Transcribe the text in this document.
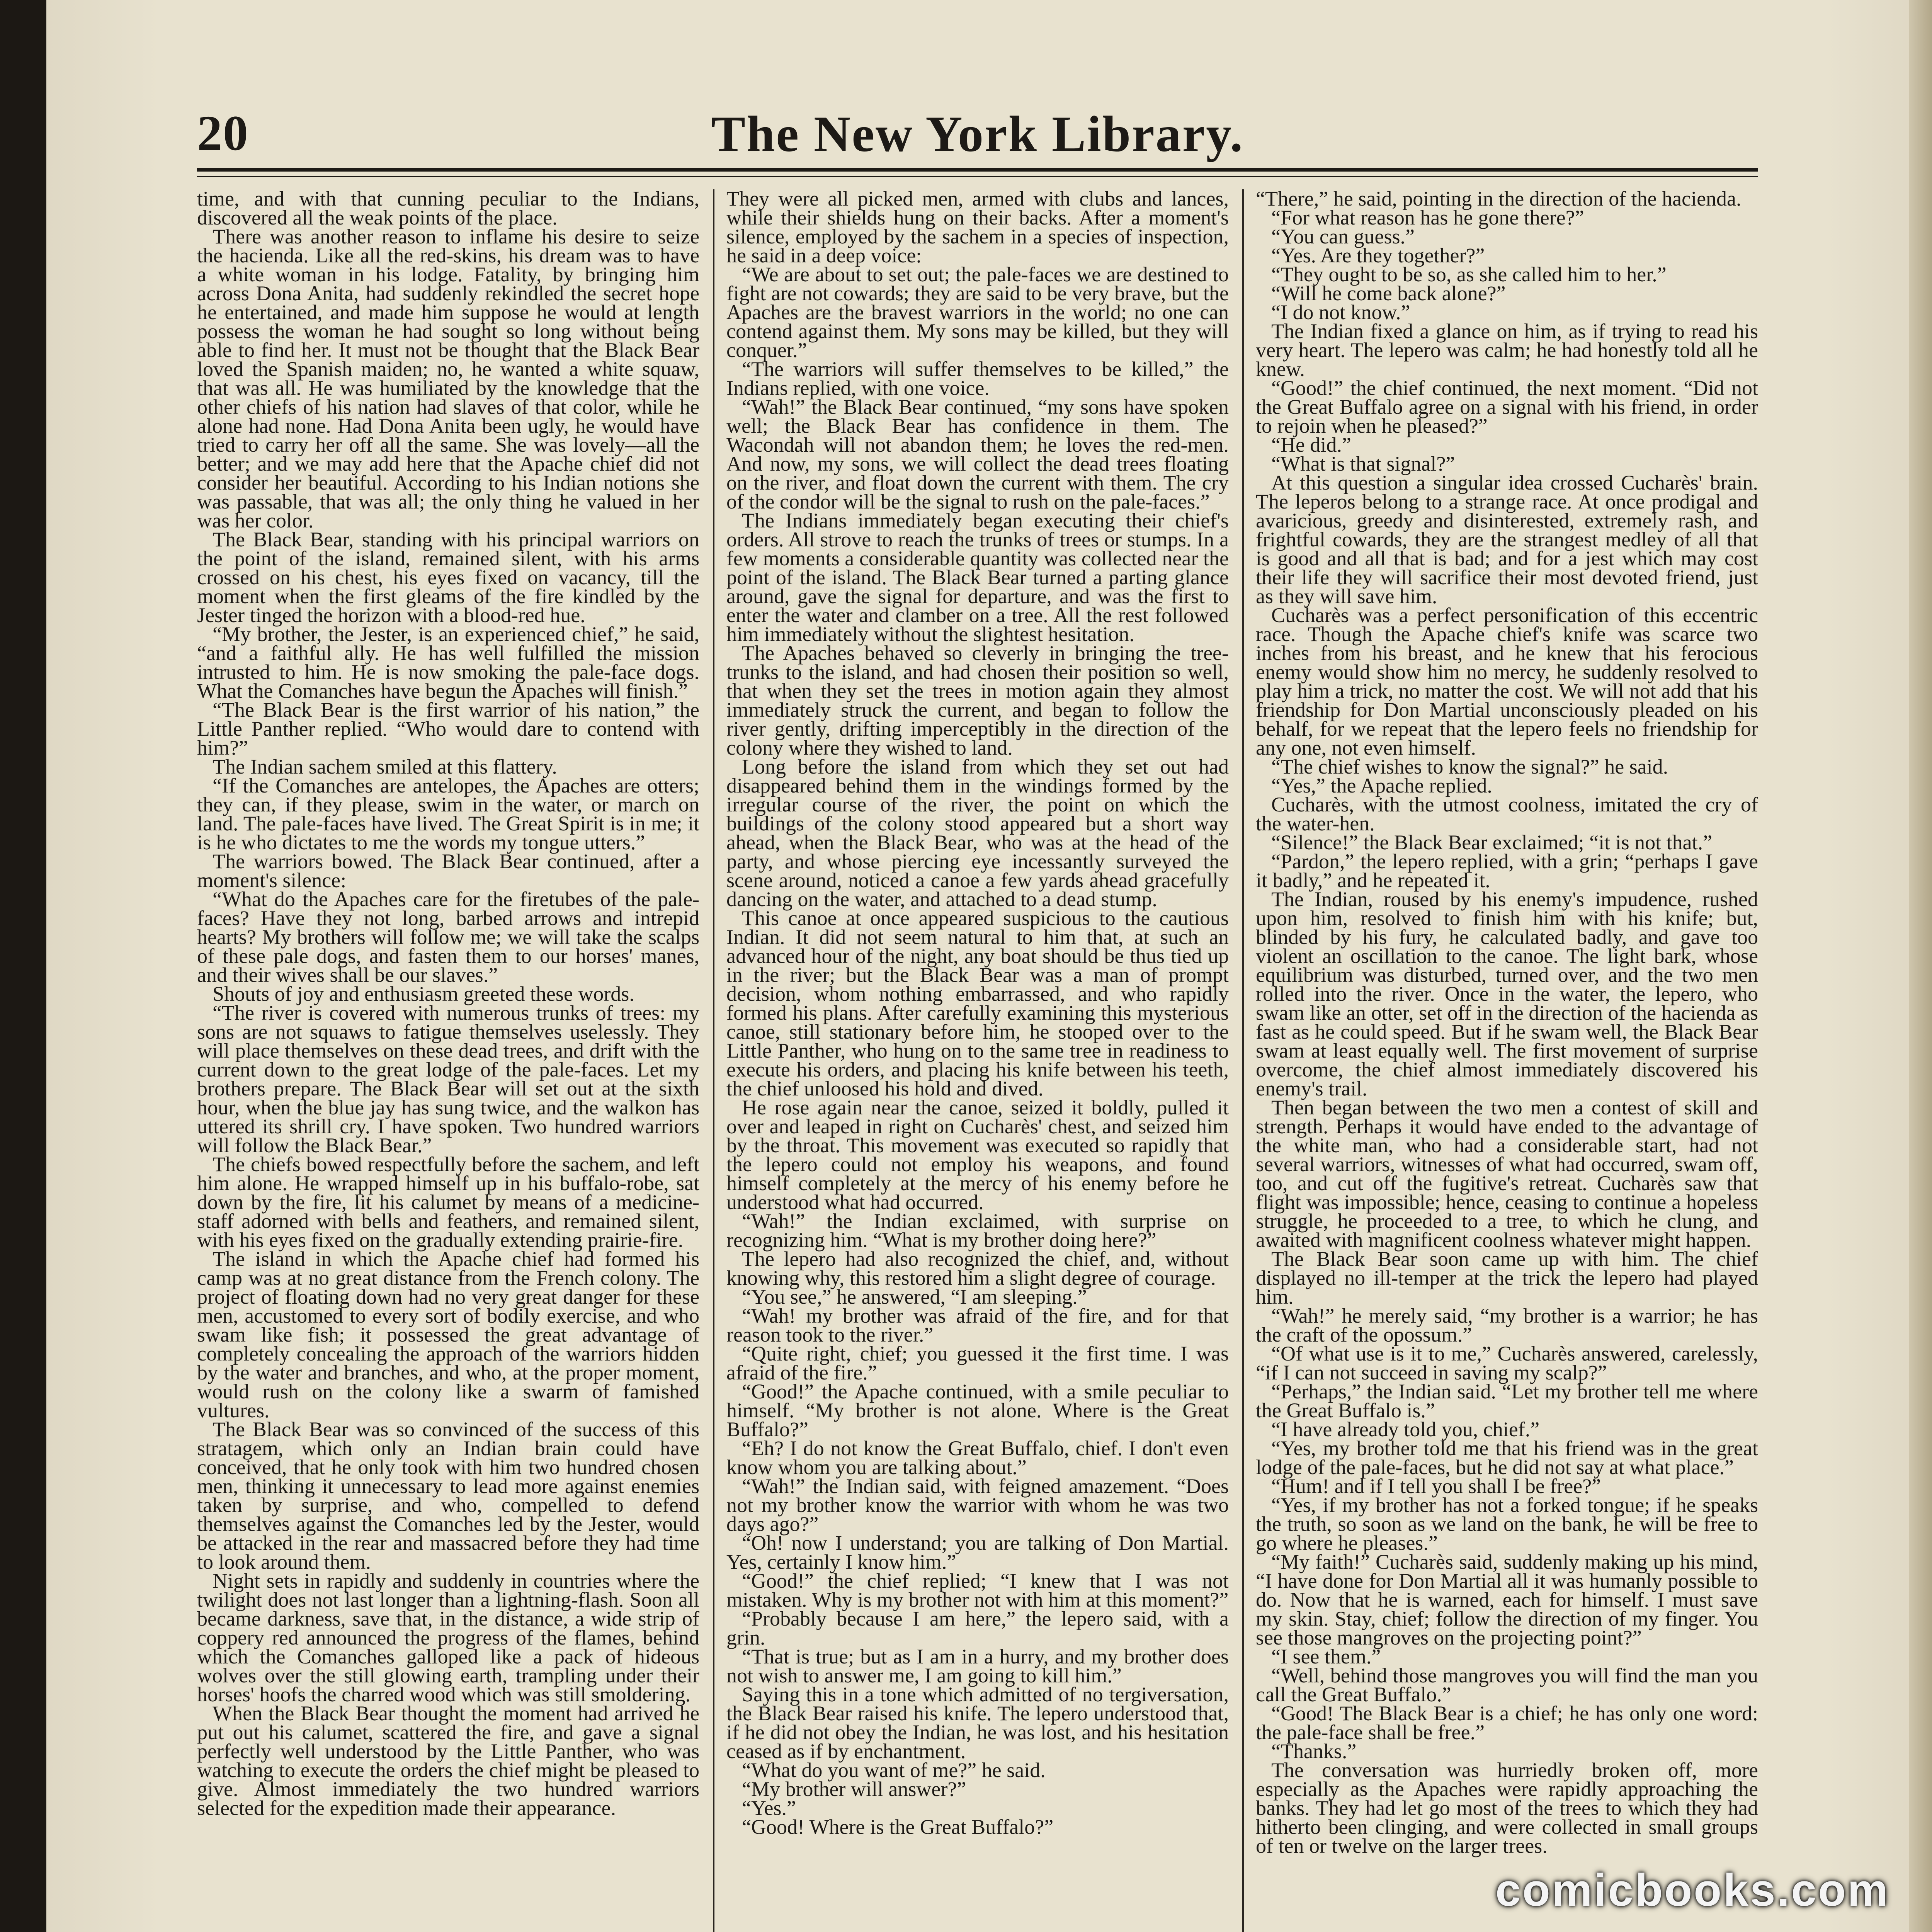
20	The New York Library.

time, and with that cunning peculiar to the Indians, discovered all the weak points of the place.

There was another reason to inflame his desire to seize the hacienda. Like all the red-skins, his dream was to have a white woman in his lodge. Fatality, by bringing him across Dona Anita, had suddenly rekindled the secret hope he entertained, and made him suppose he would at length possess the woman he had sought so long without being able to find her. It must not be thought that the Black Bear loved the Spanish maiden; no, he wanted a white squaw, that was all. He was humiliated by the knowledge that the other chiefs of his nation had slaves of that color, while he alone had none. Had Dona Anita been ugly, he would have tried to carry her off all the same. She was lovely—all the better; and we may add here that the Apache chief did not consider her beautiful. According to his Indian notions she was passable, that was all; the only thing he valued in her was her color.

The Black Bear, standing with his principal warriors on the point of the island, remained silent, with his arms crossed on his chest, his eyes fixed on vacancy, till the moment when the first gleams of the fire kindled by the Jester tinged the horizon with a blood-red hue.

“My brother, the Jester, is an experienced chief,” he said, “and a faithful ally. He has well fulfilled the mission intrusted to him. He is now smoking the pale-face dogs. What the Comanches have begun the Apaches will finish.”

“The Black Bear is the first warrior of his nation,” the Little Panther replied. “Who would dare to contend with him?”

The Indian sachem smiled at this flattery.

“If the Comanches are antelopes, the Apaches are otters; they can, if they please, swim in the water, or march on land. The pale-faces have lived. The Great Spirit is in me; it is he who dictates to me the words my tongue utters.”

The warriors bowed. The Black Bear continued, after a moment's silence:

“What do the Apaches care for the firetubes of the pale-faces? Have they not long, barbed arrows and intrepid hearts? My brothers will follow me; we will take the scalps of these pale dogs, and fasten them to our horses' manes, and their wives shall be our slaves.”

Shouts of joy and enthusiasm greeted these words.

“The river is covered with numerous trunks of trees: my sons are not squaws to fatigue themselves uselessly. They will place themselves on these dead trees, and drift with the current down to the great lodge of the pale-faces. Let my brothers prepare. The Black Bear will set out at the sixth hour, when the blue jay has sung twice, and the walkon has uttered its shrill cry. I have spoken. Two hundred warriors will follow the Black Bear.”

The chiefs bowed respectfully before the sachem, and left him alone. He wrapped himself up in his buffalo-robe, sat down by the fire, lit his calumet by means of a medicine-staff adorned with bells and feathers, and remained silent, with his eyes fixed on the gradually extending prairie-fire.

The island in which the Apache chief had formed his camp was at no great distance from the French colony. The project of floating down had no very great danger for these men, accustomed to every sort of bodily exercise, and who swam like fish; it possessed the great advantage of completely concealing the approach of the warriors hidden by the water and branches, and who, at the proper moment, would rush on the colony like a swarm of famished vultures.

The Black Bear was so convinced of the success of this stratagem, which only an Indian brain could have conceived, that he only took with him two hundred chosen men, thinking it unnecessary to lead more against enemies taken by surprise, and who, compelled to defend themselves against the Comanches led by the Jester, would be attacked in the rear and massacred before they had time to look around them.

Night sets in rapidly and suddenly in countries where the twilight does not last longer than a lightning-flash. Soon all became darkness, save that, in the distance, a wide strip of coppery red announced the progress of the flames, behind which the Comanches galloped like a pack of hideous wolves over the still glowing earth, trampling under their horses' hoofs the charred wood which was still smoldering.

When the Black Bear thought the moment had arrived he put out his calumet, scattered the fire, and gave a signal perfectly well understood by the Little Panther, who was watching to execute the orders the chief might be pleased to give. Almost immediately the two hundred warriors selected for the expedition made their appearance.

They were all picked men, armed with clubs and lances, while their shields hung on their backs. After a moment's silence, employed by the sachem in a species of inspection, he said in a deep voice:

“We are about to set out; the pale-faces we are destined to fight are not cowards; they are said to be very brave, but the Apaches are the bravest warriors in the world; no one can contend against them. My sons may be killed, but they will conquer.”

“The warriors will suffer themselves to be killed,” the Indians replied, with one voice.

“Wah!” the Black Bear continued, “my sons have spoken well; the Black Bear has confidence in them. The Wacondah will not abandon them; he loves the red-men. And now, my sons, we will collect the dead trees floating on the river, and float down the current with them. The cry of the condor will be the signal to rush on the pale-faces.”

The Indians immediately began executing their chief's orders. All strove to reach the trunks of trees or stumps. In a few moments a considerable quantity was collected near the point of the island. The Black Bear turned a parting glance around, gave the signal for departure, and was the first to enter the water and clamber on a tree. All the rest followed him immediately without the slightest hesitation.

The Apaches behaved so cleverly in bringing the tree-trunks to the island, and had chosen their position so well, that when they set the trees in motion again they almost immediately struck the current, and began to follow the river gently, drifting imperceptibly in the direction of the colony where they wished to land.

Long before the island from which they set out had disappeared behind them in the windings formed by the irregular course of the river, the point on which the buildings of the colony stood appeared but a short way ahead, when the Black Bear, who was at the head of the party, and whose piercing eye incessantly surveyed the scene around, noticed a canoe a few yards ahead gracefully dancing on the water, and attached to a dead stump.

This canoe at once appeared suspicious to the cautious Indian. It did not seem natural to him that, at such an advanced hour of the night, any boat should be thus tied up in the river; but the Black Bear was a man of prompt decision, whom nothing embarrassed, and who rapidly formed his plans. After carefully examining this mysterious canoe, still stationary before him, he stooped over to the Little Panther, who hung on to the same tree in readiness to execute his orders, and placing his knife between his teeth, the chief unloosed his hold and dived.

He rose again near the canoe, seized it boldly, pulled it over and leaped in right on Cucharès' chest, and seized him by the throat. This movement was executed so rapidly that the lepero could not employ his weapons, and found himself completely at the mercy of his enemy before he understood what had occurred.

“Wah!” the Indian exclaimed, with surprise on recognizing him. “What is my brother doing here?”

The lepero had also recognized the chief, and, without knowing why, this restored him a slight degree of courage.

“You see,” he answered, “I am sleeping.”

“Wah! my brother was afraid of the fire, and for that reason took to the river.”

“Quite right, chief; you guessed it the first time. I was afraid of the fire.”

“Good!” the Apache continued, with a smile peculiar to himself. “My brother is not alone. Where is the Great Buffalo?”

“Eh? I do not know the Great Buffalo, chief. I don't even know whom you are talking about.”

“Wah!” the Indian said, with feigned amazement. “Does not my brother know the warrior with whom he was two days ago?”

“Oh! now I understand; you are talking of Don Martial. Yes, certainly I know him.”

“Good!” the chief replied; “I knew that I was not mistaken. Why is my brother not with him at this moment?”

“Probably because I am here,” the lepero said, with a grin.

“That is true; but as I am in a hurry, and my brother does not wish to answer me, I am going to kill him.”

Saying this in a tone which admitted of no tergiversation, the Black Bear raised his knife. The lepero understood that, if he did not obey the Indian, he was lost, and his hesitation ceased as if by enchantment.

“What do you want of me?” he said.

“My brother will answer?”

“Yes.”

“Good! Where is the Great Buffalo?”

“There,” he said, pointing in the direction of the hacienda.

“For what reason has he gone there?”

“You can guess.”

“Yes. Are they together?”

“They ought to be so, as she called him to her.”

“Will he come back alone?”

“I do not know.”

The Indian fixed a glance on him, as if trying to read his very heart. The lepero was calm; he had honestly told all he knew.

“Good!” the chief continued, the next moment. “Did not the Great Buffalo agree on a signal with his friend, in order to rejoin when he pleased?”

“He did.”

“What is that signal?”

At this question a singular idea crossed Cucharès' brain. The leperos belong to a strange race. At once prodigal and avaricious, greedy and disinterested, extremely rash, and frightful cowards, they are the strangest medley of all that is good and all that is bad; and for a jest which may cost their life they will sacrifice their most devoted friend, just as they will save him.

Cucharès was a perfect personification of this eccentric race. Though the Apache chief's knife was scarce two inches from his breast, and he knew that his ferocious enemy would show him no mercy, he suddenly resolved to play him a trick, no matter the cost. We will not add that his friendship for Don Martial unconsciously pleaded on his behalf, for we repeat that the lepero feels no friendship for any one, not even himself.

“The chief wishes to know the signal?” he said.

“Yes,” the Apache replied.

Cucharès, with the utmost coolness, imitated the cry of the water-hen.

“Silence!” the Black Bear exclaimed; “it is not that.”

“Pardon,” the lepero replied, with a grin; “perhaps I gave it badly,” and he repeated it.

The Indian, roused by his enemy's impudence, rushed upon him, resolved to finish him with his knife; but, blinded by his fury, he calculated badly, and gave too violent an oscillation to the canoe. The light bark, whose equilibrium was disturbed, turned over, and the two men rolled into the river. Once in the water, the lepero, who swam like an otter, set off in the direction of the hacienda as fast as he could speed. But if he swam well, the Black Bear swam at least equally well. The first movement of surprise overcome, the chief almost immediately discovered his enemy's trail.

Then began between the two men a contest of skill and strength. Perhaps it would have ended to the advantage of the white man, who had a considerable start, had not several warriors, witnesses of what had occurred, swam off, too, and cut off the fugitive's retreat. Cucharès saw that flight was impossible; hence, ceasing to continue a hopeless struggle, he proceeded to a tree, to which he clung, and awaited with magnificent coolness whatever might happen.

The Black Bear soon came up with him. The chief displayed no ill-temper at the trick the lepero had played him.

“Wah!” he merely said, “my brother is a warrior; he has the craft of the opossum.”

“Of what use is it to me,” Cucharès answered, carelessly, “if I can not succeed in saving my scalp?”

“Perhaps,” the Indian said. “Let my brother tell me where the Great Buffalo is.”

“I have already told you, chief.”

“Yes, my brother told me that his friend was in the great lodge of the pale-faces, but he did not say at what place.”

“Hum! and if I tell you shall I be free?”

“Yes, if my brother has not a forked tongue; if he speaks the truth, so soon as we land on the bank, he will be free to go where he pleases.”

“My faith!” Cucharès said, suddenly making up his mind, “I have done for Don Martial all it was humanly possible to do. Now that he is warned, each for himself. I must save my skin. Stay, chief; follow the direction of my finger. You see those mangroves on the projecting point?”

“I see them.”

“Well, behind those mangroves you will find the man you call the Great Buffalo.”

“Good! The Black Bear is a chief; he has only one word: the pale-face shall be free.”

“Thanks.”

The conversation was hurriedly broken off, more especially as the Apaches were rapidly approaching the banks. They had let go most of the trees to which they had hitherto been clinging, and were collected in small groups of ten or twelve on the larger trees.

comicbooks.com
